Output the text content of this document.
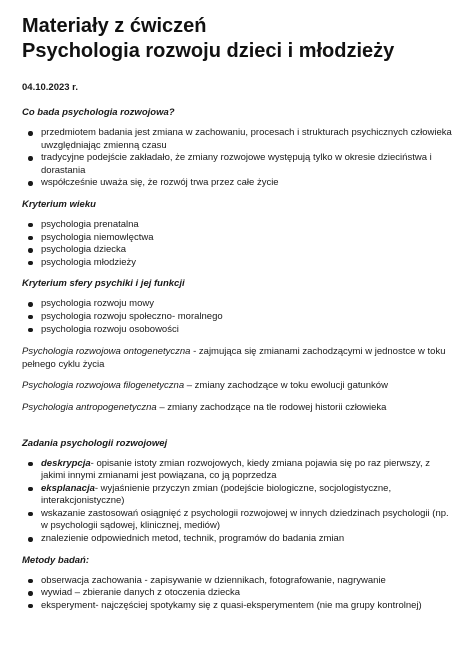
Materiały z ćwiczeń
Psychologia rozwoju dzieci i młodzieży
04.10.2023 r.
Co bada psychologia rozwojowa?
przedmiotem badania jest zmiana w zachowaniu, procesach i strukturach psychicznych człowieka uwzględniając zmienną czasu
tradycyjne podejście zakładało, że zmiany rozwojowe występują tylko w okresie dzieciństwa i dorastania
współcześnie uważa się, że rozwój trwa przez całe życie
Kryterium wieku
psychologia prenatalna
psychologia niemowlęctwa
psychologia dziecka
psychologia młodzieży
Kryterium sfery psychiki i jej funkcji
psychologia rozwoju mowy
psychologia rozwoju społeczno- moralnego
psychologia rozwoju osobowości

Psychologia rozwojowa ontogenetyczna - zajmująca się zmianami zachodzącymi w jednostce w toku pełnego cyklu życia

Psychologia rozwojowa filogenetyczna – zmiany zachodzące w toku ewolucji gatunków

Psychologia antropogenetyczna – zmiany zachodzące na tle rodowej historii człowieka

Zadania psychologii rozwojowej
deskrypcja- opisanie istoty zmian rozwojowych, kiedy zmiana pojawia się po raz pierwszy, z jakimi innymi zmianami jest powiązana, co ją poprzedza
eksplanacja- wyjaśnienie przyczyn zmian (podejście biologiczne, socjologistyczne, interakcjonistyczne)
wskazanie zastosowań osiągnięć z psychologii rozwojowej w innych dziedzinach psychologii (np. w psychologii sądowej, klinicznej, mediów)
znalezienie odpowiednich metod, technik, programów do badania zmian
Metody badań:
obserwacja zachowania - zapisywanie w dziennikach, fotografowanie, nagrywanie
wywiad – zbieranie danych z otoczenia dziecka
eksperyment- najczęściej spotykamy się z quasi-eksperymentem (nie ma grupy kontrolnej)
